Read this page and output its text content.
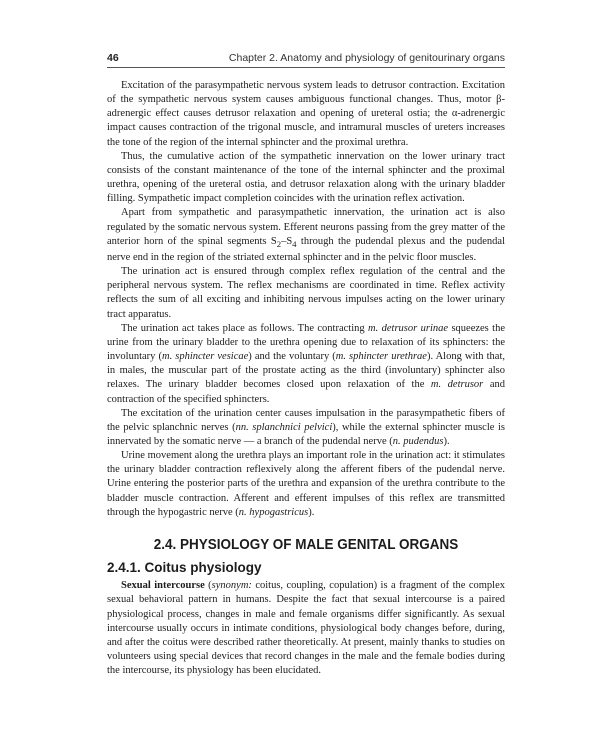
46	Chapter 2. Anatomy and physiology of genitourinary organs

Excitation of the parasympathetic nervous system leads to detrusor contraction. Excitation of the sympathetic nervous system causes ambiguous functional changes. Thus, motor β-adrenergic effect causes detrusor relaxation and opening of ureteral ostia; the α-adrenergic impact causes contraction of the trigonal muscle, and intramural muscles of ureters increases the tone of the region of the internal sphincter and the proximal urethra.

Thus, the cumulative action of the sympathetic innervation on the lower urinary tract consists of the constant maintenance of the tone of the internal sphincter and the proximal urethra, opening of the ureteral ostia, and detrusor relaxation along with the urinary bladder filling. Sympathetic impact completion coincides with the urination reflex activation.

Apart from sympathetic and parasympathetic innervation, the urination act is also regulated by the somatic nervous system. Efferent neurons passing from the grey matter of the anterior horn of the spinal segments $S_2-S_4$ through the pudendal plexus and the pudendal nerve end in the region of the striated external sphincter and in the pelvic floor muscles.

The urination act is ensured through complex reflex regulation of the central and the peripheral nervous system. The reflex mechanisms are coordinated in time. Reflex activity reflects the sum of all exciting and inhibiting nervous impulses acting on the lower urinary tract apparatus.

The urination act takes place as follows. The contracting m. detrusor urinae squeezes the urine from the urinary bladder to the urethra opening due to relaxation of its sphincters: the involuntary (m. sphincter vesicae) and the voluntary (m. sphincter urethrae). Along with that, in males, the muscular part of the prostate acting as the third (involuntary) sphincter also relaxes. The urinary bladder becomes closed upon relaxation of the m. detrusor and contraction of the specified sphincters.

The excitation of the urination center causes impulsation in the parasympathetic fibers of the pelvic splanchnic nerves (nn. splanchnici pelvici), while the external sphincter muscle is innervated by the somatic nerve — a branch of the pudendal nerve (n. pudendus).

Urine movement along the urethra plays an important role in the urination act: it stimulates the urinary bladder contraction reflexively along the afferent fibers of the pudendal nerve. Urine entering the posterior parts of the urethra and expansion of the urethra contribute to the bladder muscle contraction. Afferent and efferent impulses of this reflex are transmitted through the hypogastric nerve (n. hypogastricus).

2.4. PHYSIOLOGY OF MALE GENITAL ORGANS
2.4.1. Coitus physiology

Sexual intercourse (synonym: coitus, coupling, copulation) is a fragment of the complex sexual behavioral pattern in humans. Despite the fact that sexual intercourse is a paired physiological process, changes in male and female organisms differ significantly. As sexual intercourse usually occurs in intimate conditions, physiological body changes before, during, and after the coitus were described rather theoretically. At present, mainly thanks to studies on volunteers using special devices that record changes in the male and the female bodies during the intercourse, its physiology has been elucidated.
